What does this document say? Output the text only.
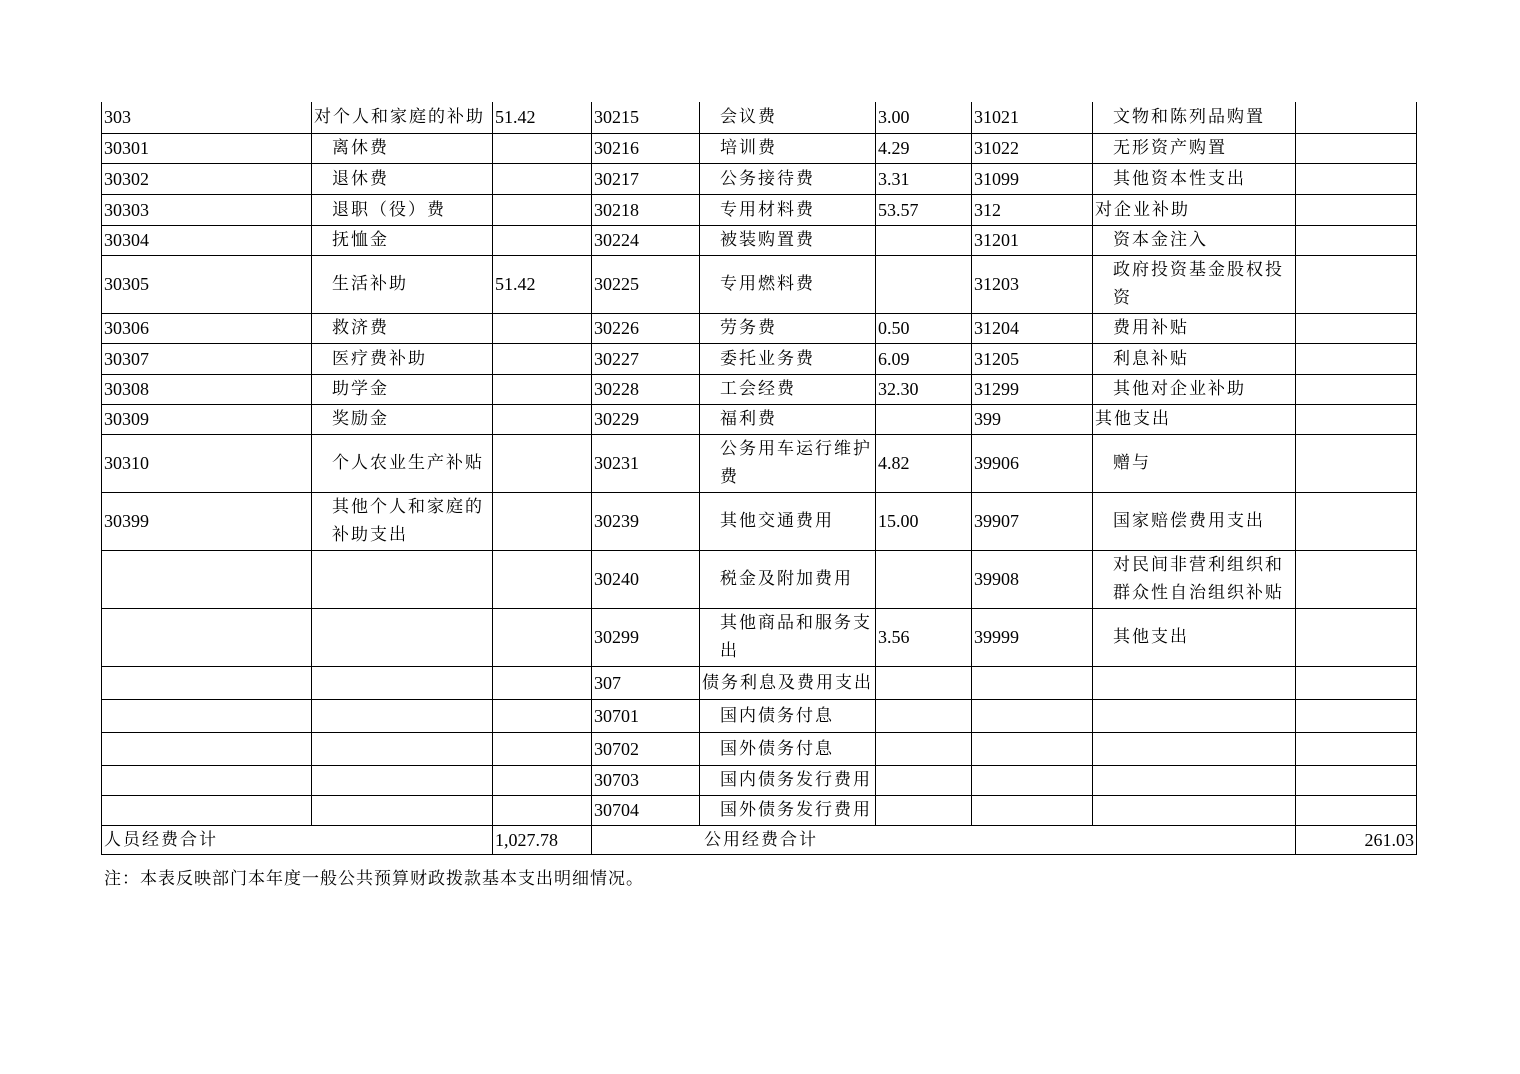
303	对个人和家庭的补助	51.42	30215	会议费	3.00	31021	文物和陈列品购置	
30301	离休费		30216	培训费	4.29	31022	无形资产购置	
30302	退休费		30217	公务接待费	3.31	31099	其他资本性支出	
30303	退职（役）费		30218	专用材料费	53.57	312	对企业补助	
30304	抚恤金		30224	被装购置费		31201	资本金注入	
30305	生活补助	51.42	30225	专用燃料费		31203	政府投资基金股权投资	
30306	救济费		30226	劳务费	0.50	31204	费用补贴	
30307	医疗费补助		30227	委托业务费	6.09	31205	利息补贴	
30308	助学金		30228	工会经费	32.30	31299	其他对企业补助	
30309	奖励金		30229	福利费		399	其他支出	
30310	个人农业生产补贴		30231	公务用车运行维护费	4.82	39906	赠与	
30399	其他个人和家庭的补助支出		30239	其他交通费用	15.00	39907	国家赔偿费用支出	
			30240	税金及附加费用		39908	对民间非营利组织和群众性自治组织补贴	
			30299	其他商品和服务支出	3.56	39999	其他支出	
			307	债务利息及费用支出				
			30701	国内债务付息				
			30702	国外债务付息				
			30703	国内债务发行费用				
			30704	国外债务发行费用				
人员经费合计		1,027.78	公用经费合计					261.03
注：本表反映部门本年度一般公共预算财政拨款基本支出明细情况。
